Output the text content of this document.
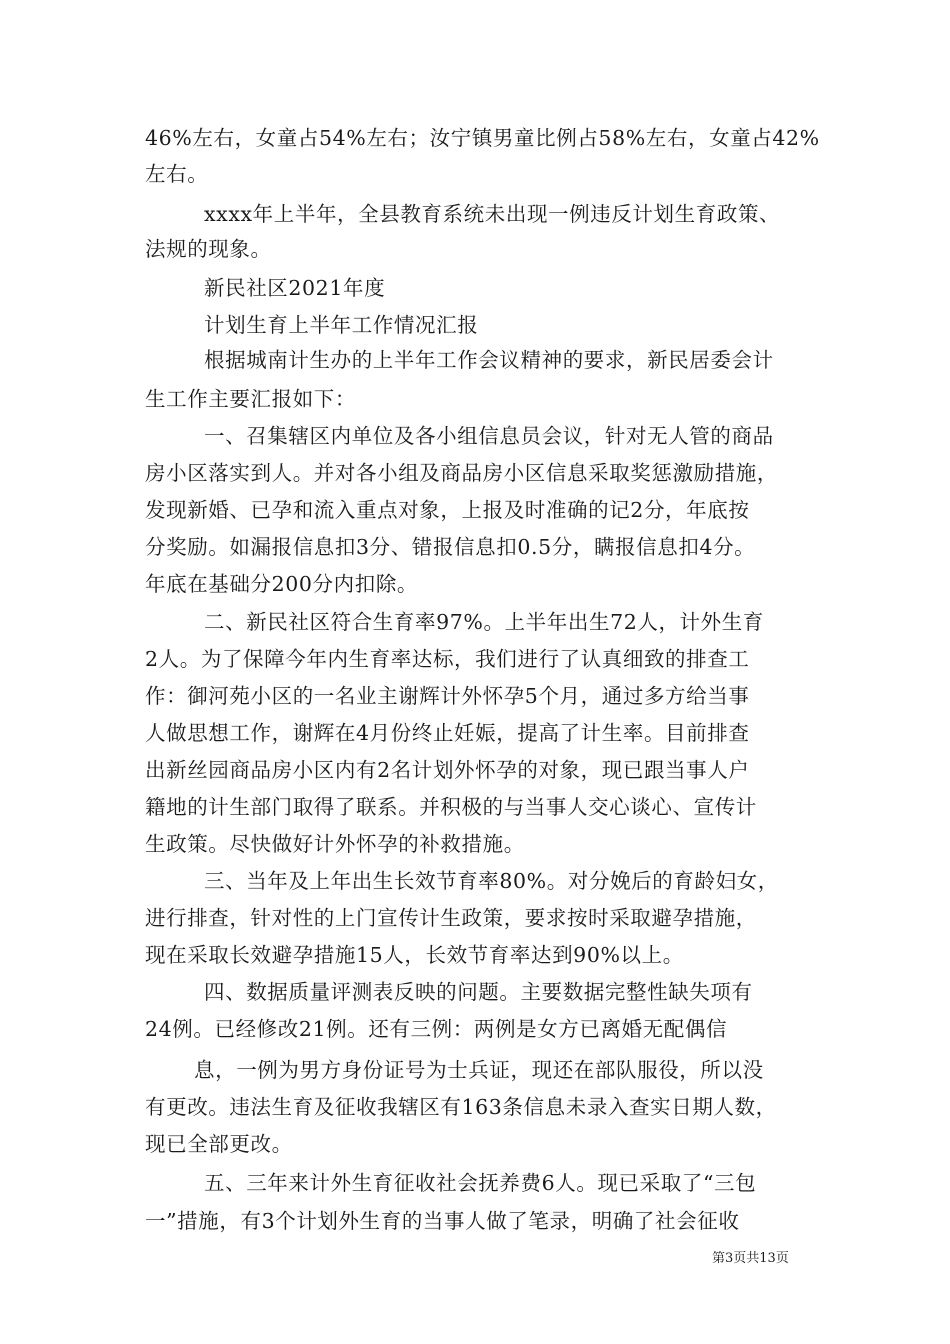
46%左右，女童占54%左右；汝宁镇男童比例占58%左右，女童占42%
左右。
xxxx年上半年，全县教育系统未出现一例违反计划生育政策、
法规的现象。
新民社区2021年度
计划生育上半年工作情况汇报
根据城南计生办的上半年工作会议精神的要求，新民居委会计
生工作主要汇报如下：
一、召集辖区内单位及各小组信息员会议，针对无人管的商品
房小区落实到人。并对各小组及商品房小区信息采取奖惩激励措施，
发现新婚、已孕和流入重点对象，上报及时准确的记2分，年底按
分奖励。如漏报信息扣3分、错报信息扣0.5分，瞒报信息扣4分。
年底在基础分200分内扣除。
二、新民社区符合生育率97%。上半年出生72人，计外生育
2人。为了保障今年内生育率达标，我们进行了认真细致的排查工
作：御河苑小区的一名业主谢辉计外怀孕5个月，通过多方给当事
人做思想工作，谢辉在4月份终止妊娠，提高了计生率。目前排查
出新丝园商品房小区内有2名计划外怀孕的对象，现已跟当事人户
籍地的计生部门取得了联系。并积极的与当事人交心谈心、宣传计
生政策。尽快做好计外怀孕的补救措施。
三、当年及上年出生长效节育率80%。对分娩后的育龄妇女，
进行排查，针对性的上门宣传计生政策，要求按时采取避孕措施，
现在采取长效避孕措施15人，长效节育率达到90%以上。
四、数据质量评测表反映的问题。主要数据完整性缺失项有
24例。已经修改21例。还有三例：两例是女方已离婚无配偶信
息，一例为男方身份证号为士兵证，现还在部队服役，所以没
有更改。违法生育及征收我辖区有163条信息未录入查实日期人数，
现已全部更改。
五、三年来计外生育征收社会抚养费6人。现已采取了“三包
一”措施，有3个计划外生育的当事人做了笔录，明确了社会征收
第3页共13页
